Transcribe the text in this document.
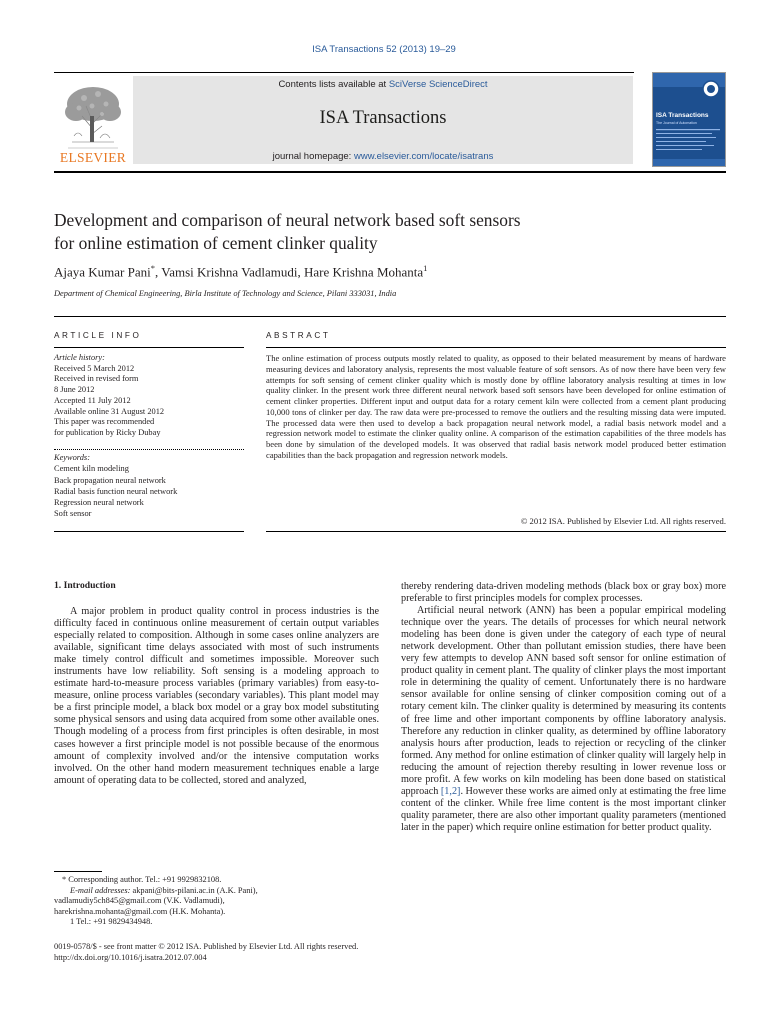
ISA Transactions 52 (2013) 19–29
Contents lists available at SciVerse ScienceDirect
ISA Transactions
journal homepage: www.elsevier.com/locate/isatrans
ELSEVIER
ISA Transactions
The Journal of Automation
Development and comparison of neural network based soft sensors
for online estimation of cement clinker quality
Ajaya Kumar Pani*, Vamsi Krishna Vadlamudi, Hare Krishna Mohanta$^1$
Department of Chemical Engineering, Birla Institute of Technology and Science, Pilani 333031, India
ARTICLE INFO
Article history:
Received 5 March 2012
Received in revised form
8 June 2012
Accepted 11 July 2012
Available online 31 August 2012
This paper was recommended
for publication by Ricky Dubay
Keywords:
Cement kiln modeling
Back propagation neural network
Radial basis function neural network
Regression neural network
Soft sensor
ABSTRACT
The online estimation of process outputs mostly related to quality, as opposed to their belated measurement by means of hardware measuring devices and laboratory analysis, represents the most valuable feature of soft sensors. As of now there have been very few attempts for soft sensing of cement clinker quality which is mostly done by offline laboratory analysis resulting at times in low quality clinker. In the present work three different neural network based soft sensors have been developed for online estimation of cement clinker properties. Different input and output data for a rotary cement kiln were collected from a cement plant producing 10,000 tons of clinker per day. The raw data were pre-processed to remove the outliers and the resulting missing data were imputed. The processed data were then used to develop a back propagation neural network model, a radial basis network model and a regression network model to estimate the clinker quality online. A comparison of the estimation capabilities of the three models has been done by simulation of the developed models. It was observed that radial basis network model produced better estimation capabilities than the back propagation and regression network models.
© 2012 ISA. Published by Elsevier Ltd. All rights reserved.
1. Introduction

A major problem in product quality control in process industries is the difficulty faced in continuous online measurement of certain output variables especially related to composition. Although in some cases online analyzers are available, significant time delays associated with most of such instruments make timely control difficult and sometimes impossible. Moreover such instruments have low reliability. Soft sensing is a modeling approach to estimate hard-to-measure process variables (primary variables) from easy-to-measure, online process variables (secondary variables). This plant model may be a first principle model, a black box model or a gray box model substituting some physical sensors and using data acquired from some other available ones. Though modeling of a process from first principles is often desirable, in most cases however a first principle model is not possible because of the enormous amount of complexity involved and/or the intensive computation works involved. On the other hand modern measurement techniques enable a large amount of operating data to be collected, stored and analyzed,

thereby rendering data-driven modeling methods (black box or gray box) more preferable to first principles models for complex processes.

Artificial neural network (ANN) has been a popular empirical modeling technique over the years. The details of processes for which neural network modeling has been done is given under the category of each type of neural network development. Other than pollutant emission studies, there have been very few attempts to develop ANN based soft sensor for online estimation of product quality in cement plant. The quality of clinker plays the most important role in determining the quality of cement. Unfortunately there is no hardware sensor available for online sensing of clinker composition coming out of a rotary cement kiln. The clinker quality is determined by measuring its contents of free lime and other important components by offline laboratory analysis. Therefore any reduction in clinker quality, as determined by offline laboratory analysis hours after production, leads to rejection or recycling of the clinker formed. Any method for online estimation of clinker quality will largely help in reducing the amount of rejection thereby resulting in lower revenue loss or more profit. A few works on kiln modeling has been done based on statistical approach [1,2]. However these works are aimed only at estimating the free lime content of the clinker. While free lime content is the most important clinker quality parameter, there are also other important quality parameters (mentioned later in the paper) which require online estimation for better product quality.

* Corresponding author. Tel.: +91 9929832108.
E-mail addresses: akpani@bits-pilani.ac.in (A.K. Pani),
vadlamudiy5ch845@gmail.com (V.K. Vadlamudi),
harekrishna.mohanta@gmail.com (H.K. Mohanta).
1 Tel.: +91 9829434948.
0019-0578/$ - see front matter © 2012 ISA. Published by Elsevier Ltd. All rights reserved.
http://dx.doi.org/10.1016/j.isatra.2012.07.004
